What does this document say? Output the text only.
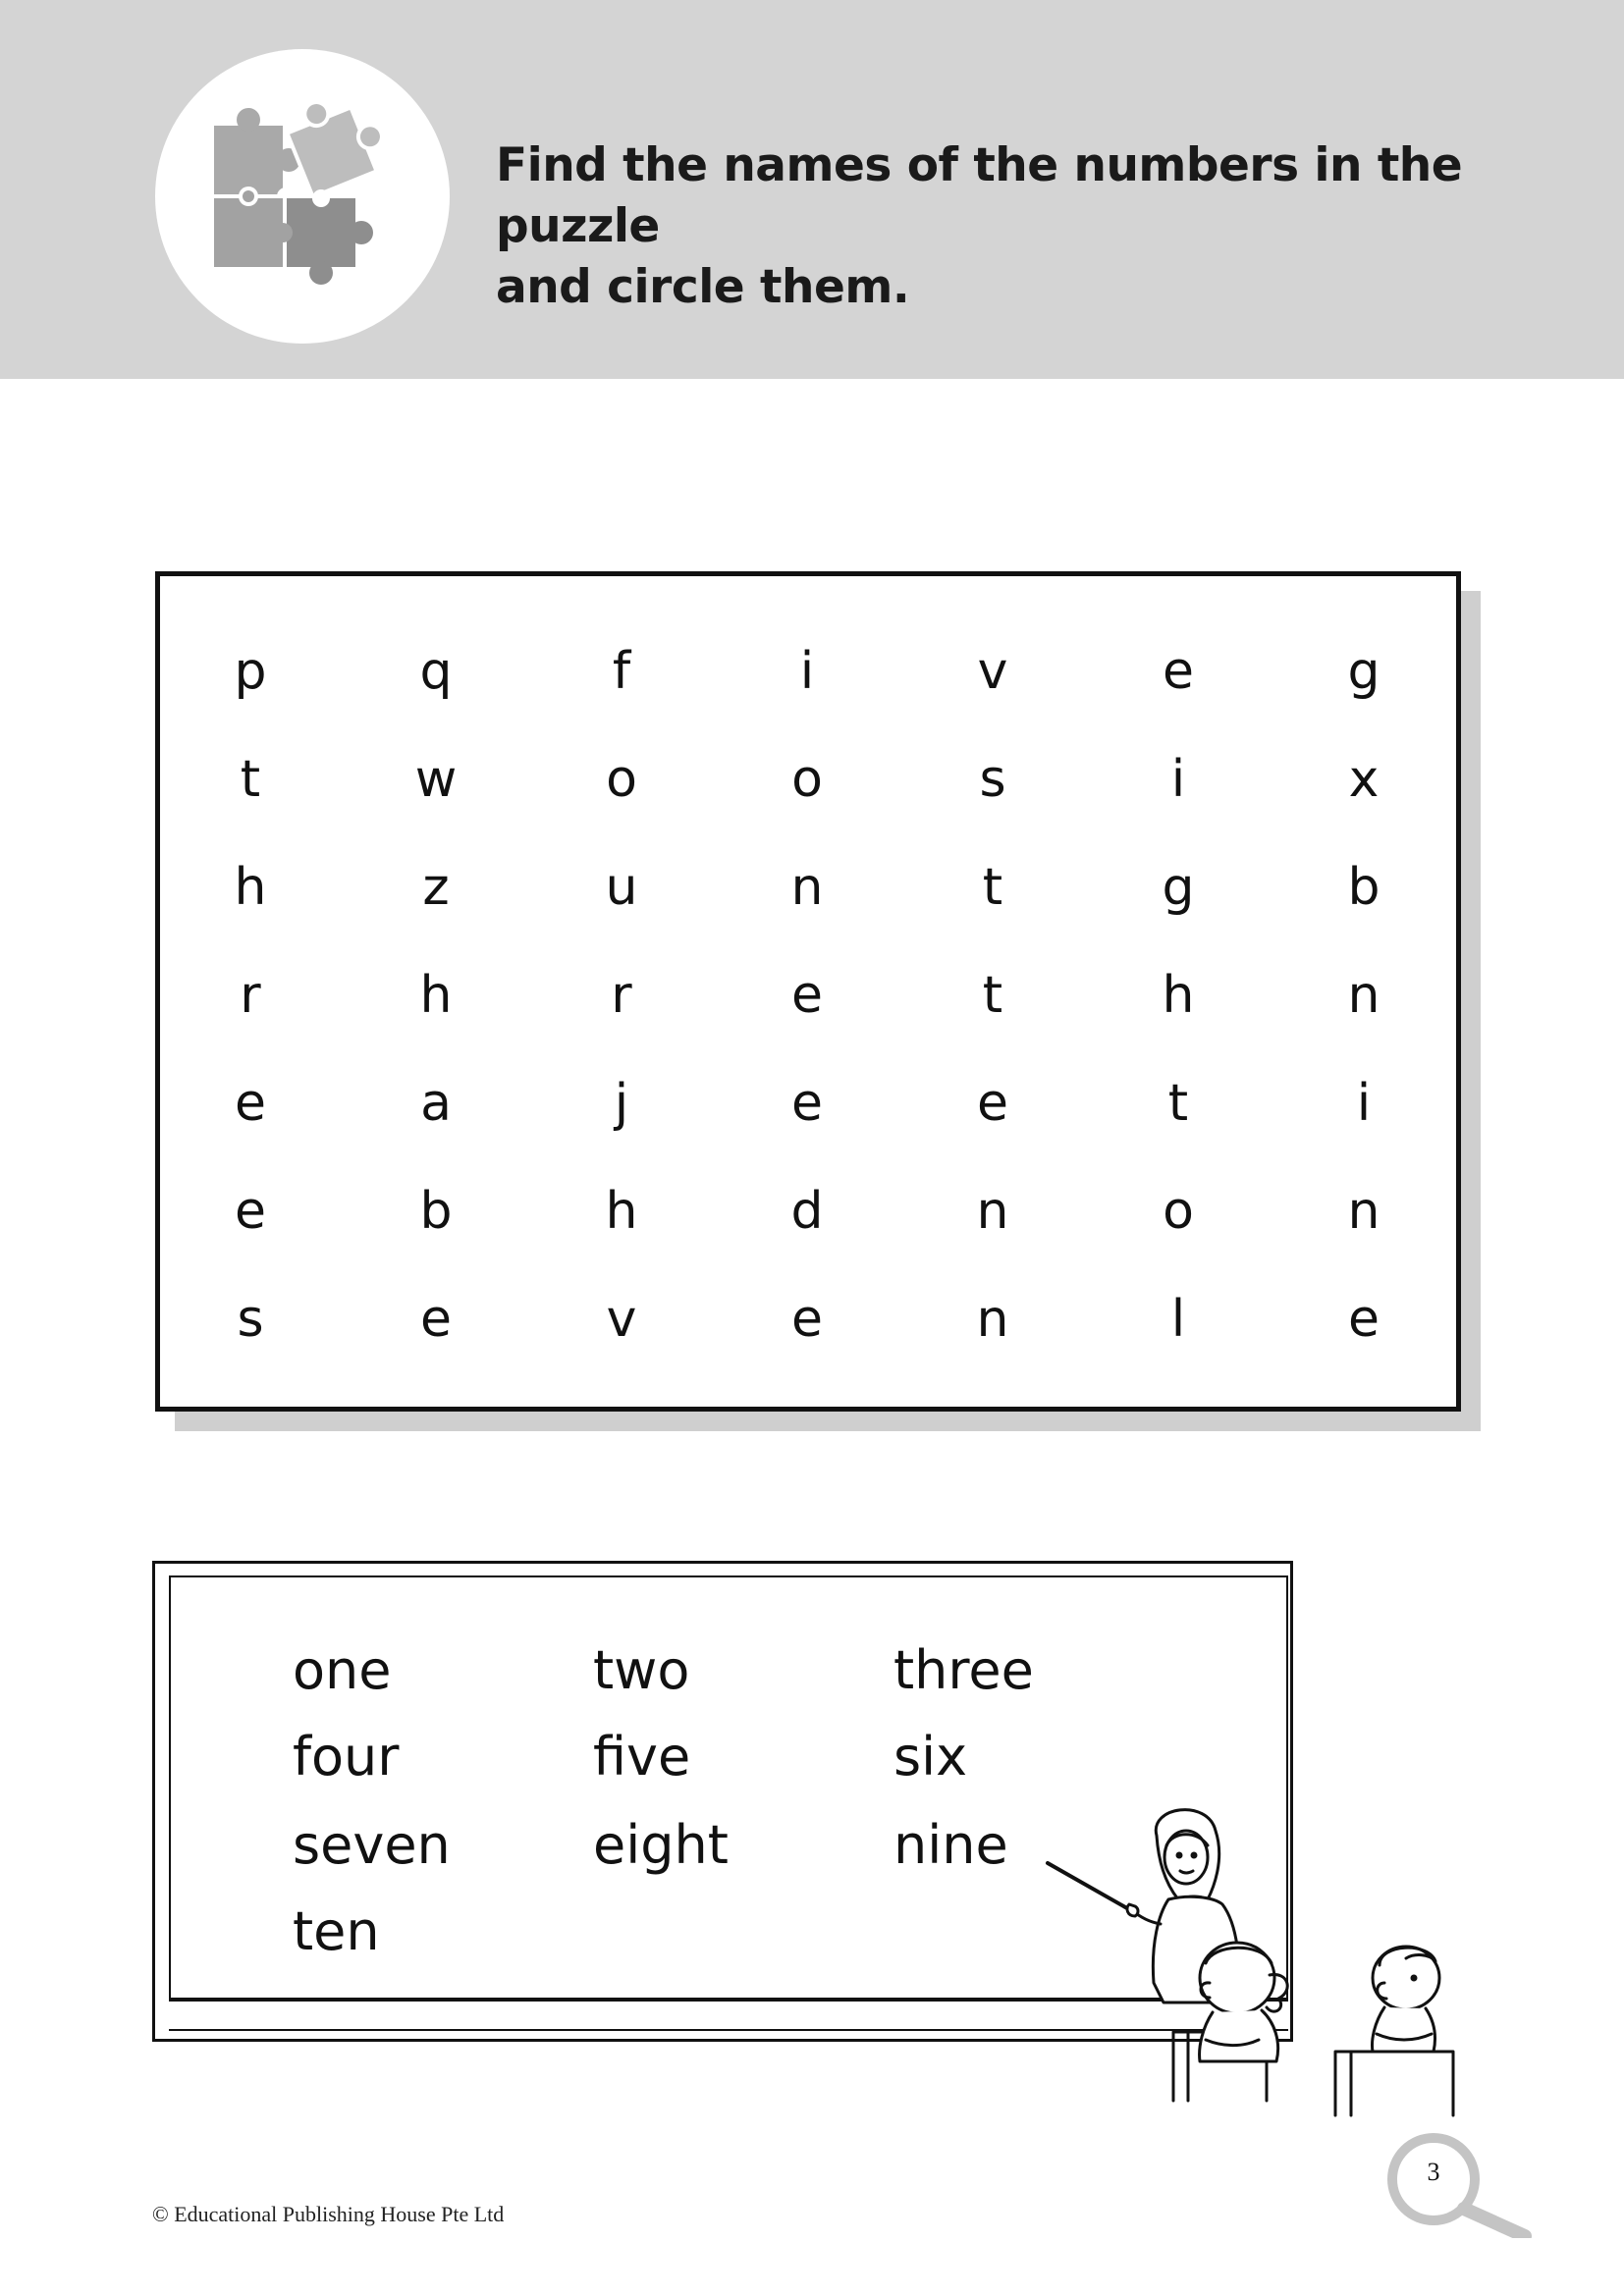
Find the names of the numbers in the puzzle
and circle them.
p	q	f	i	v	e	g
t	w	o	o	s	i	x
h	z	u	n	t	g	b
r	h	r	e	t	h	n
e	a	j	e	e	t	i
e	b	h	d	n	o	n
s	e	v	e	n	l	e
one	two	three
four	five	six
seven	eight	nine
ten
© Educational Publishing House Pte Ltd
3
